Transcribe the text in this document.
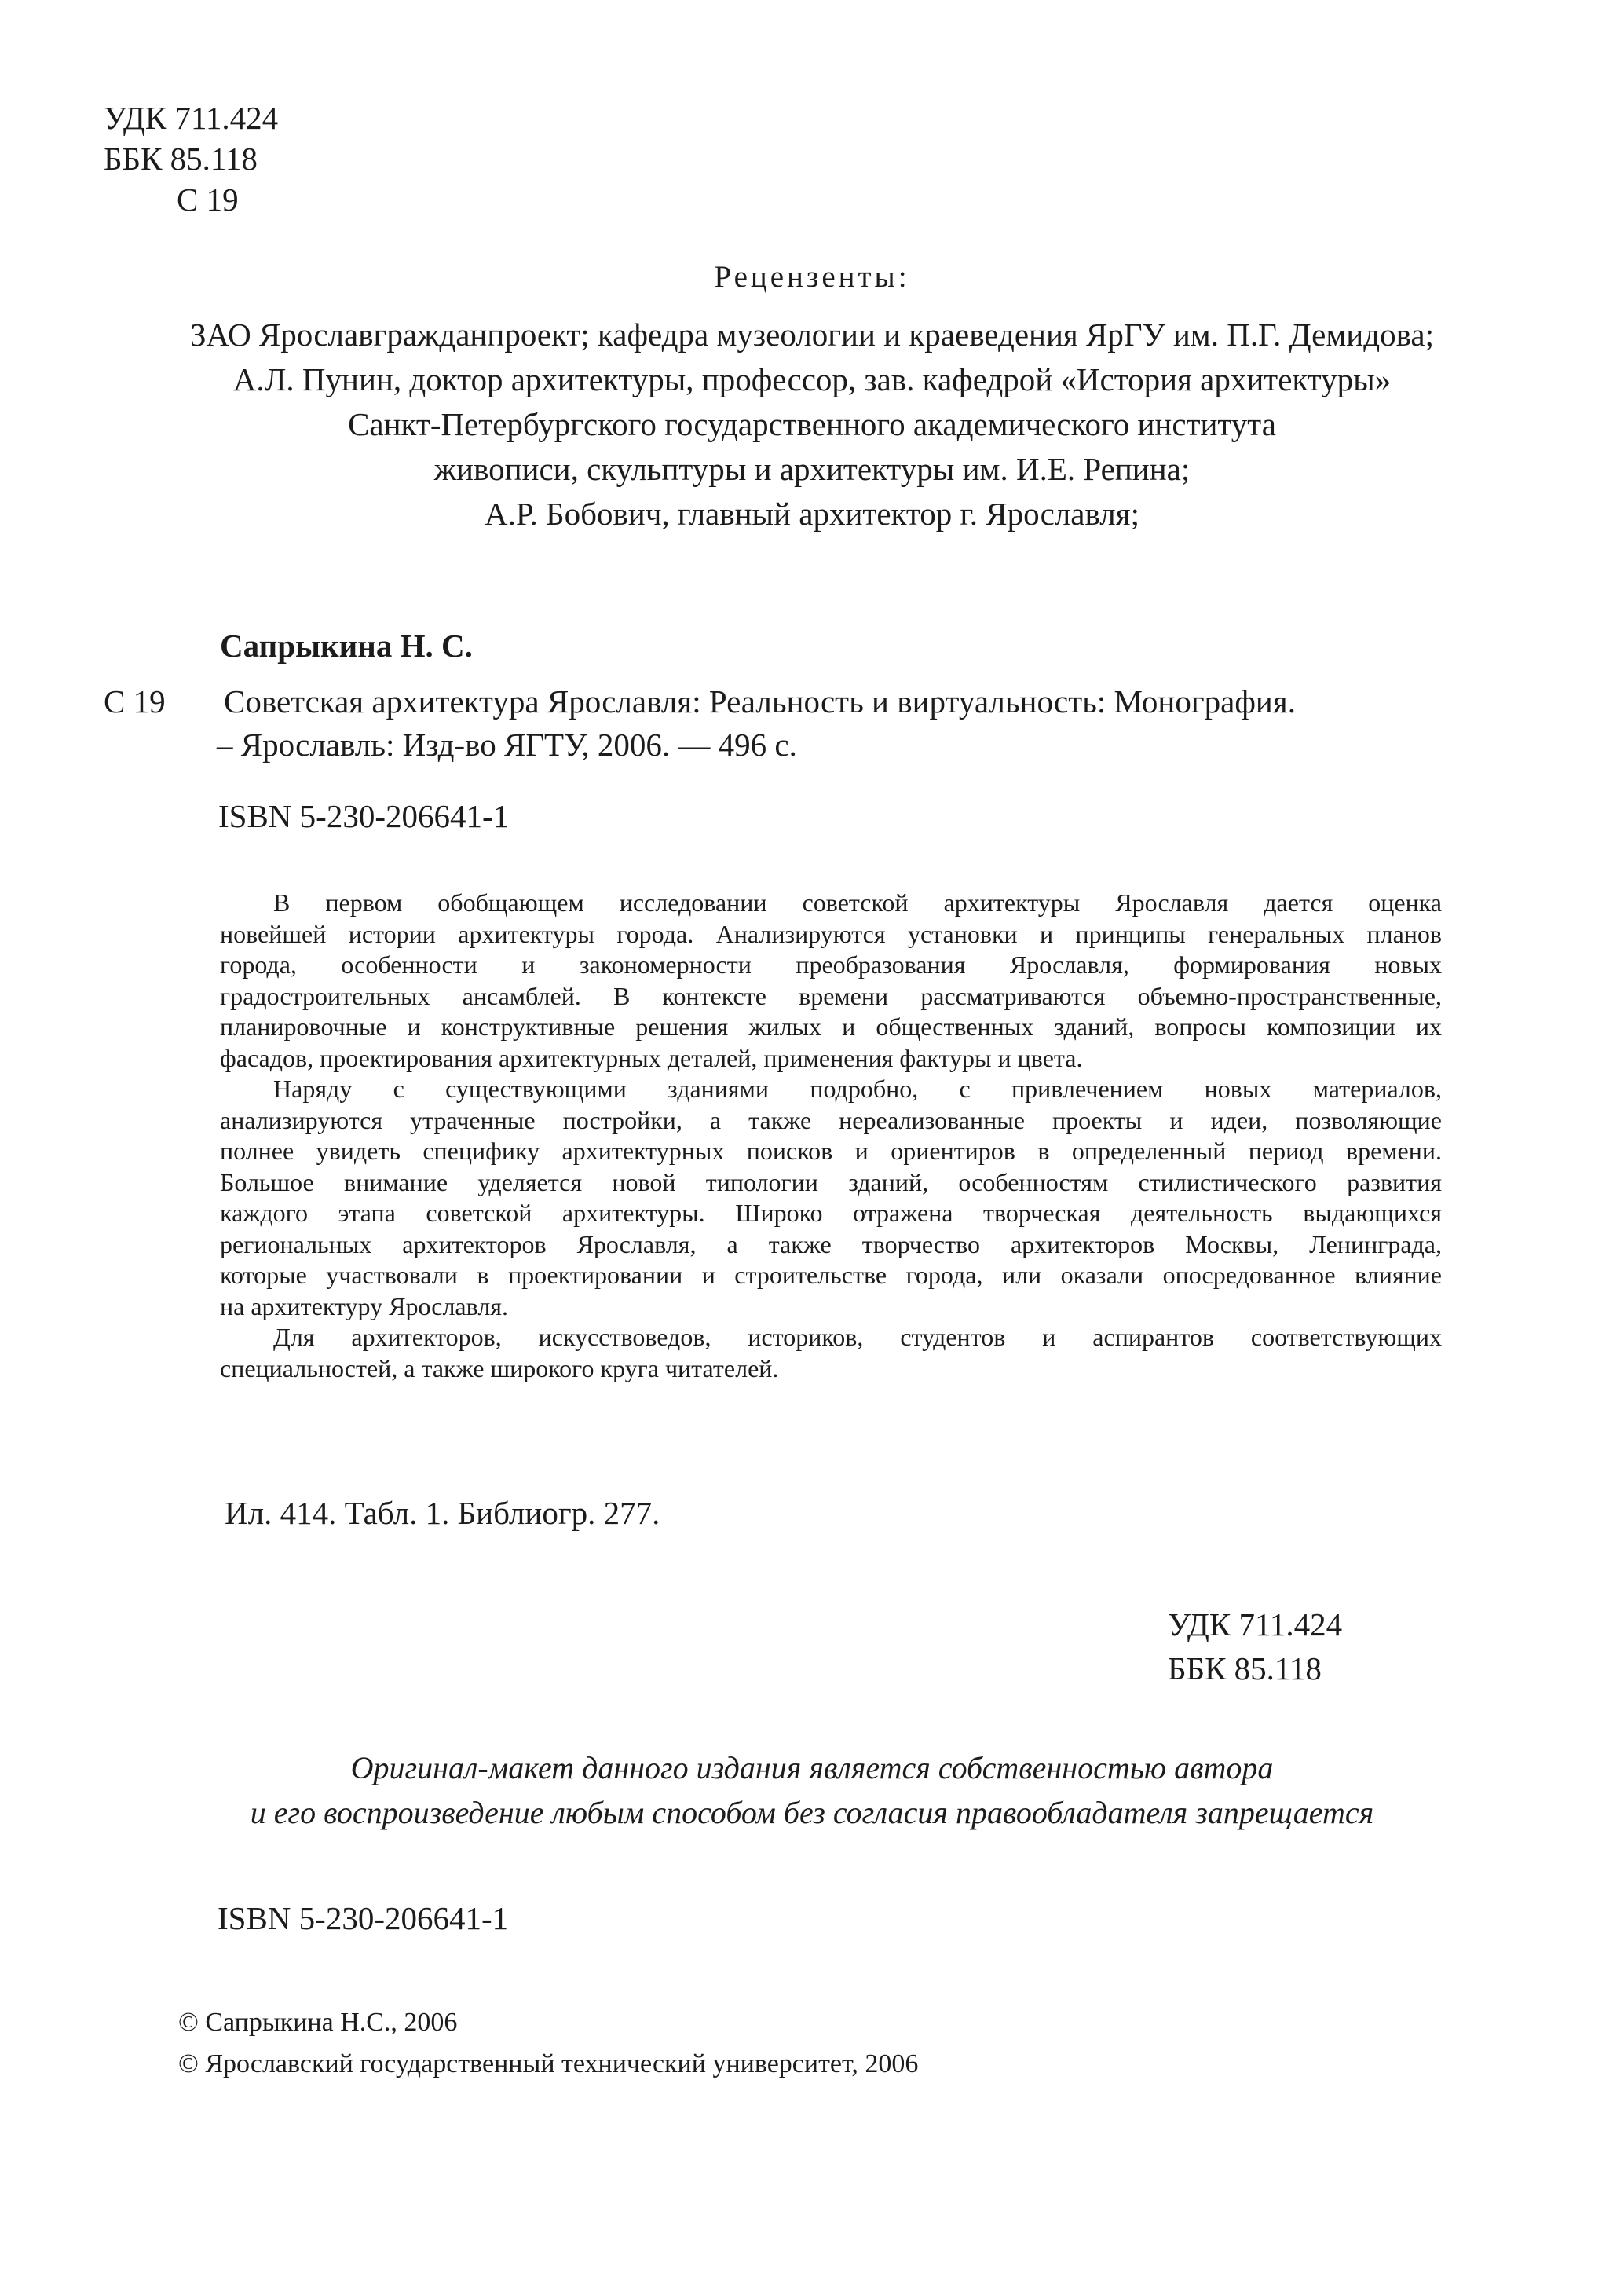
УДК 711.424
ББК 85.118
С 19
Рецензенты:
ЗАО Ярославгражданпроект; кафедра музеологии и краеведения ЯрГУ им. П.Г. Демидова;
А.Л. Пунин, доктор архитектуры, профессор, зав. кафедрой «История архитектуры»
Санкт-Петербургского государственного академического института
живописи, скульптуры и архитектуры им. И.Е. Репина;
А.Р. Бобович, главный архитектор г. Ярославля;
Сапрыкина Н. С.
С 19 Советская архитектура Ярославля: Реальность и виртуальность: Монография.
– Ярославль: Изд-во ЯГТУ, 2006. — 496 с.
ISBN 5-230-206641-1
В первом обобщающем исследовании советской архитектуры Ярославля дается оценка
новейшей истории архитектуры города. Анализируются установки и принципы генеральных планов
города, особенности и закономерности преобразования Ярославля, формирования новых
градостроительных ансамблей. В контексте времени рассматриваются объемно-пространственные,
планировочные и конструктивные решения жилых и общественных зданий, вопросы композиции их
фасадов, проектирования архитектурных деталей, применения фактуры и цвета.
Наряду с существующими зданиями подробно, с привлечением новых материалов,
анализируются утраченные постройки, а также нереализованные проекты и идеи, позволяющие
полнее увидеть специфику архитектурных поисков и ориентиров в определенный период времени.
Большое внимание уделяется новой типологии зданий, особенностям стилистического развития
каждого этапа советской архитектуры. Широко отражена творческая деятельность выдающихся
региональных архитекторов Ярославля, а также творчество архитекторов Москвы, Ленинграда,
которые участвовали в проектировании и строительстве города, или оказали опосредованное влияние
на архитектуру Ярославля.
Для архитекторов, искусствоведов, историков, студентов и аспирантов соответствующих
специальностей, а также широкого круга читателей.
Ил. 414. Табл. 1. Библиогр. 277.
УДК 711.424
ББК 85.118
Оригинал-макет данного издания является собственностью автора
и его воспроизведение любым способом без согласия правообладателя запрещается
ISBN 5-230-206641-1
© Сапрыкина Н.С., 2006
© Ярославский государственный технический университет, 2006
